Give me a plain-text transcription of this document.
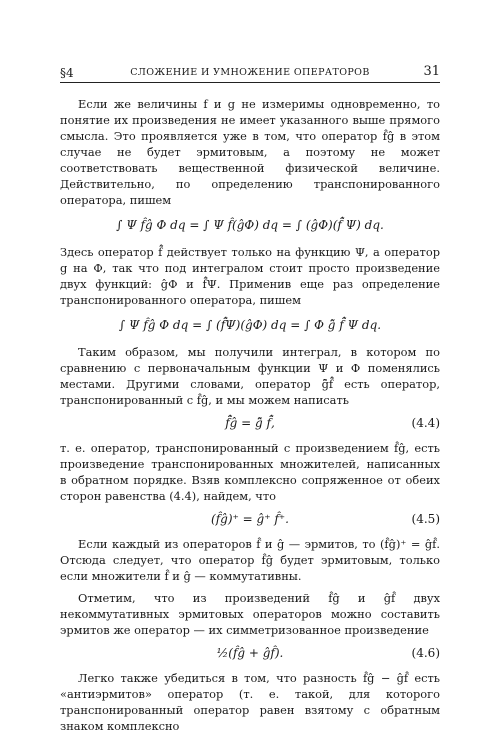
§4	СЛОЖЕНИЕ И УМНОЖЕНИЕ ОПЕРАТОРОВ	31

Если же величины f и g не измеримы одновременно, то понятие их произведения не имеет указанного выше прямого смысла. Это проявляется уже в том, что оператор f̂ĝ в этом случае не будет эрмитовым, а поэтому не может соответствовать вещественной физической величине. Действительно, по определению транспонированного оператора, пишем

∫ Ψ f̂ĝ Φ dq = ∫ Ψ f̂(ĝΦ) dq = ∫ (ĝΦ)(f̃̂ Ψ) dq.

Здесь оператор f̃̂ действует только на функцию Ψ, а оператор g на Φ, так что под интегралом стоит просто произведение двух функций: ĝΦ и f̃̂Ψ. Применив еще раз определение транспонированного оператора, пишем

∫ Ψ f̂ĝ Φ dq = ∫ (f̃̂Ψ)(ĝΦ) dq = ∫ Φ g̃̂ f̃̂ Ψ dq.

Таким образом, мы получили интеграл, в котором по сравнению с первоначальным функции Ψ и Φ поменялись местами. Другими словами, оператор g̃̂f̃̂ есть оператор, транспонированный с f̂ĝ, и мы можем написать

f̃̂ĝ = g̃̂ f̃̂,	(4.4)

т. е. оператор, транспонированный с произведением f̂ĝ, есть произведение транспонированных множителей, написанных в обратном порядке. Взяв комплексно сопряженное от обеих сторон равенства (4.4), найдем, что

(f̂ĝ)⁺ = ĝ⁺ f̂⁺.	(4.5)

Если каждый из операторов f̂ и ĝ — эрмитов, то (f̂ĝ)⁺ = ĝf̂. Отсюда следует, что оператор f̂ĝ будет эрмитовым, только если множители f̂ и ĝ — коммутативны.

Отметим, что из произведений f̂ĝ и ĝf̂ двух некоммутативных эрмитовых операторов можно составить эрмитов же оператор — их симметризованное произведение

½(f̂ĝ + ĝf̂).	(4.6)

Легко также убедиться в том, что разность f̂ĝ − ĝf̂ есть «антиэрмитов» оператор (т. е. такой, для которого транспонированный оператор равен взятому с обратным знаком комплексно
